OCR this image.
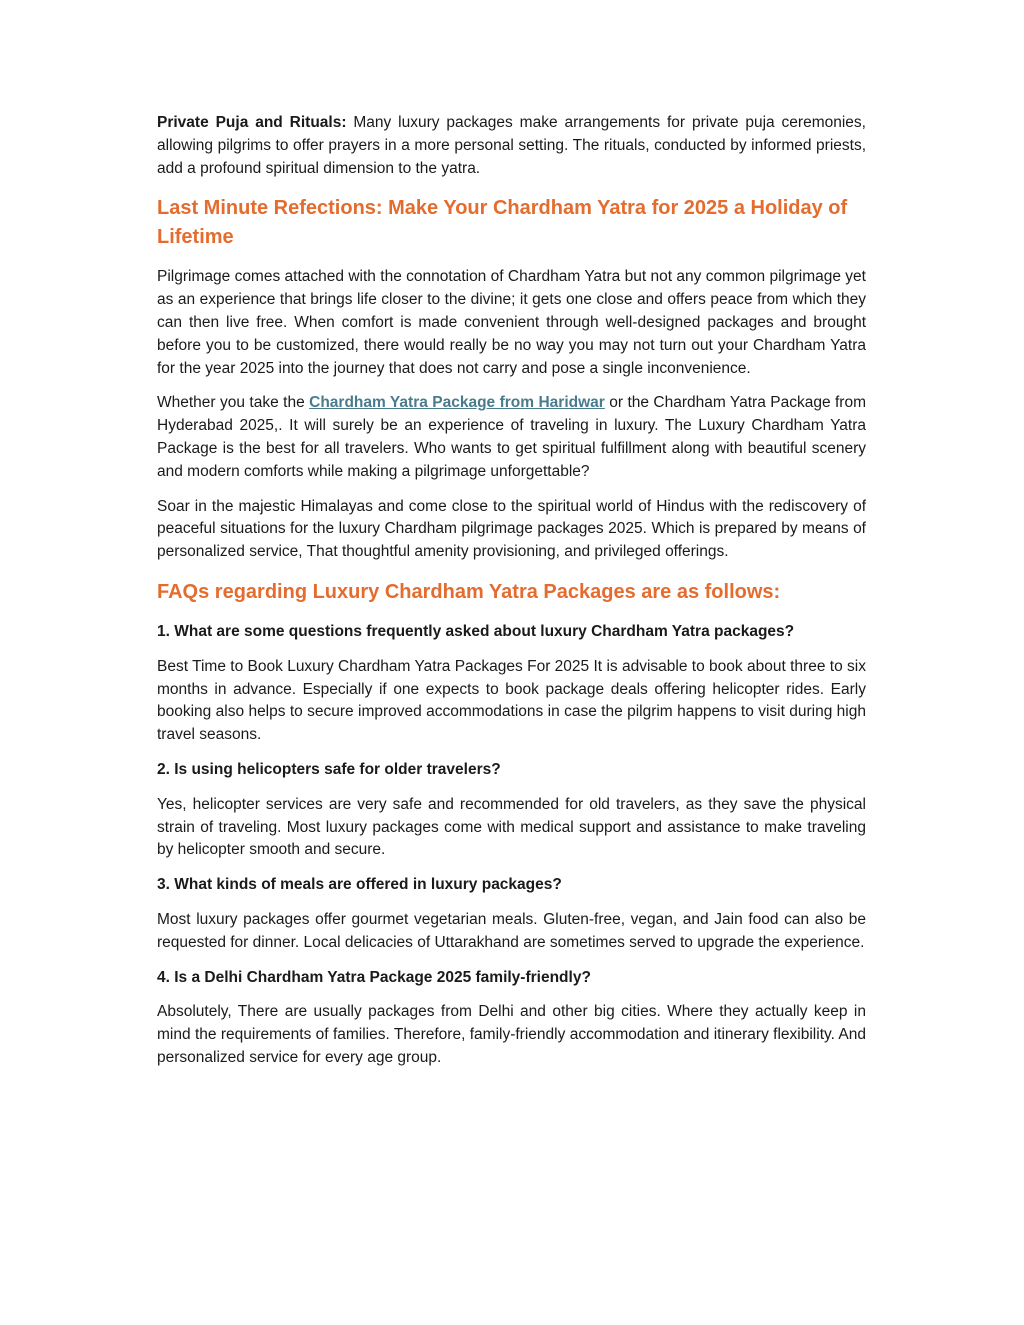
Private Puja and Rituals: Many luxury packages make arrangements for private puja ceremonies, allowing pilgrims to offer prayers in a more personal setting. The rituals, conducted by informed priests, add a profound spiritual dimension to the yatra.

Last Minute Refections: Make Your Chardham Yatra for 2025 a Holiday of Lifetime

Pilgrimage comes attached with the connotation of Chardham Yatra but not any common pilgrimage yet as an experience that brings life closer to the divine; it gets one close and offers peace from which they can then live free. When comfort is made convenient through well-designed packages and brought before you to be customized, there would really be no way you may not turn out your Chardham Yatra for the year 2025 into the journey that does not carry and pose a single inconvenience.

Whether you take the Chardham Yatra Package from Haridwar or the Chardham Yatra Package from Hyderabad 2025,. It will surely be an experience of traveling in luxury. The Luxury Chardham Yatra Package is the best for all travelers. Who wants to get spiritual fulfillment along with beautiful scenery and modern comforts while making a pilgrimage unforgettable?

Soar in the majestic Himalayas and come close to the spiritual world of Hindus with the rediscovery of peaceful situations for the luxury Chardham pilgrimage packages 2025. Which is prepared by means of personalized service, That thoughtful amenity provisioning, and privileged offerings.

FAQs regarding Luxury Chardham Yatra Packages are as follows:
1. What are some questions frequently asked about luxury Chardham Yatra packages?

Best Time to Book Luxury Chardham Yatra Packages For 2025 It is advisable to book about three to six months in advance. Especially if one expects to book package deals offering helicopter rides. Early booking also helps to secure improved accommodations in case the pilgrim happens to visit during high travel seasons.

2. Is using helicopters safe for older travelers?

Yes, helicopter services are very safe and recommended for old travelers, as they save the physical strain of traveling. Most luxury packages come with medical support and assistance to make traveling by helicopter smooth and secure.

3. What kinds of meals are offered in luxury packages?

Most luxury packages offer gourmet vegetarian meals. Gluten-free, vegan, and Jain food can also be requested for dinner. Local delicacies of Uttarakhand are sometimes served to upgrade the experience.

4. Is a Delhi Chardham Yatra Package 2025 family-friendly?

Absolutely, There are usually packages from Delhi and other big cities. Where they actually keep in mind the requirements of families. Therefore, family-friendly accommodation and itinerary flexibility. And personalized service for every age group.
